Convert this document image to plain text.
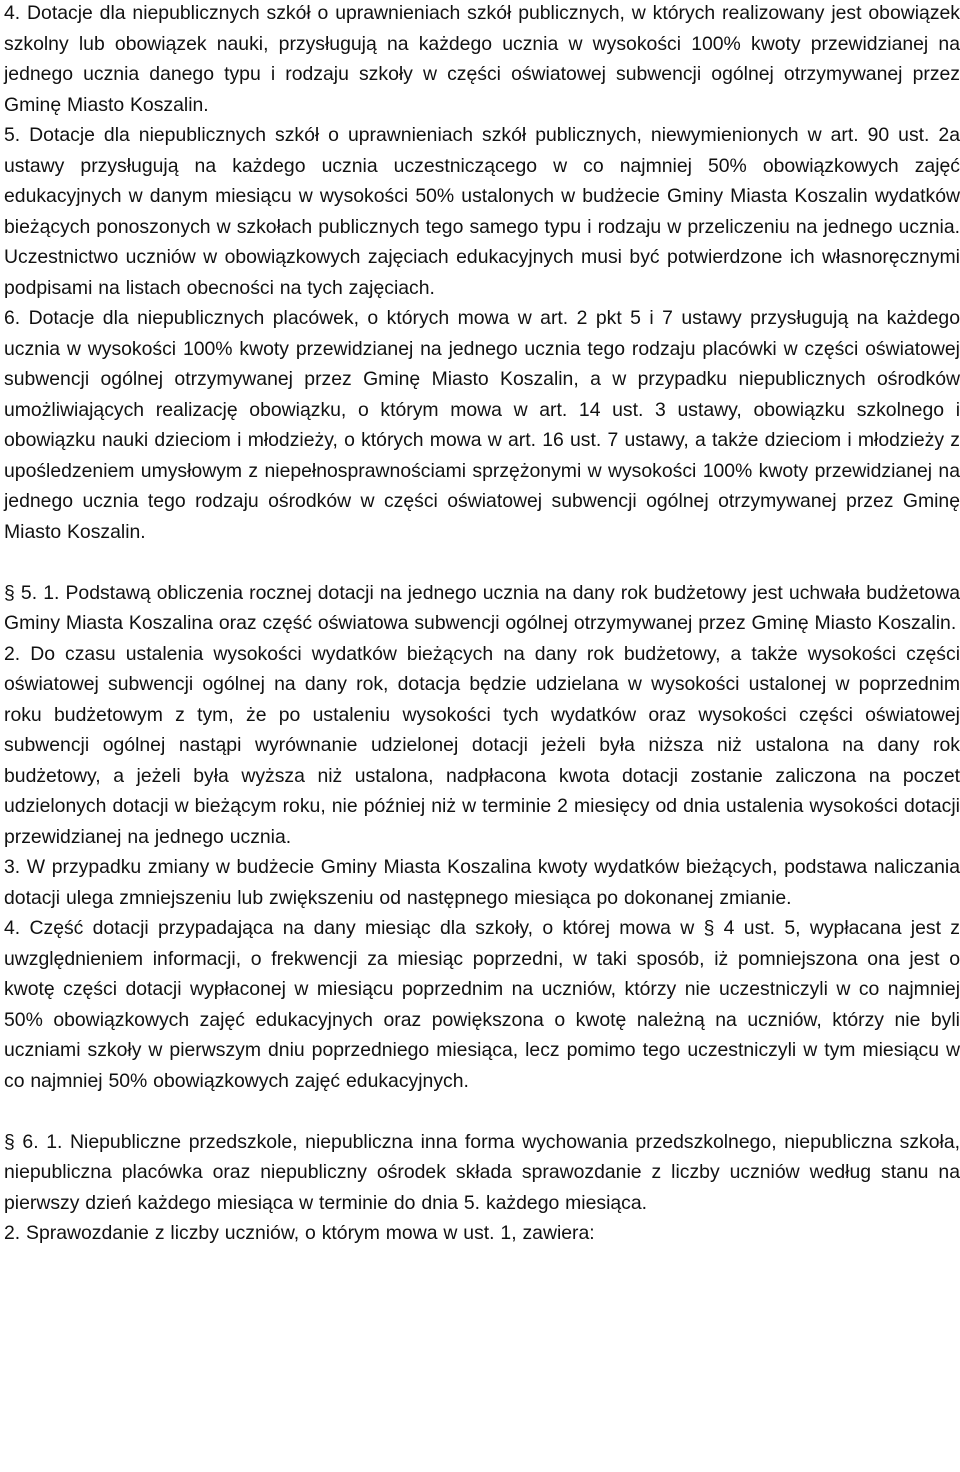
4. Dotacje dla niepublicznych szkół o uprawnieniach szkół publicznych, w których realizowany jest obowiązek szkolny lub obowiązek nauki, przysługują na każdego ucznia w wysokości 100% kwoty przewidzianej na jednego ucznia danego typu i rodzaju szkoły w części oświatowej subwencji ogólnej otrzymywanej przez Gminę Miasto Koszalin.

5. Dotacje dla niepublicznych szkół o uprawnieniach szkół publicznych, niewymienionych w art. 90 ust. 2a ustawy przysługują na każdego ucznia uczestniczącego w co najmniej 50% obowiązkowych zajęć edukacyjnych w danym miesiącu w wysokości 50% ustalonych w budżecie Gminy Miasta Koszalin wydatków bieżących ponoszonych w szkołach publicznych tego samego typu i rodzaju w przeliczeniu na jednego ucznia. Uczestnictwo uczniów w obowiązkowych zajęciach edukacyjnych musi być potwierdzone ich własnoręcznymi podpisami na listach obecności na tych zajęciach.

6. Dotacje dla niepublicznych placówek, o których mowa w art. 2 pkt 5 i 7 ustawy przysługują na każdego ucznia w wysokości 100% kwoty przewidzianej na jednego ucznia tego rodzaju placówki w części oświatowej subwencji ogólnej otrzymywanej przez Gminę Miasto Koszalin, a w przypadku niepublicznych ośrodków umożliwiających realizację obowiązku, o którym mowa w art. 14 ust. 3 ustawy, obowiązku szkolnego i obowiązku nauki dzieciom i młodzieży, o których mowa w art. 16 ust. 7 ustawy, a także dzieciom i młodzieży z upośledzeniem umysłowym z niepełnosprawnościami sprzężonymi w wysokości 100% kwoty przewidzianej na jednego ucznia tego rodzaju ośrodków w części oświatowej subwencji ogólnej otrzymywanej przez Gminę Miasto Koszalin.

§ 5. 1. Podstawą obliczenia rocznej dotacji na jednego ucznia na dany rok budżetowy jest uchwała budżetowa Gminy Miasta Koszalina oraz część oświatowa subwencji ogólnej otrzymywanej przez Gminę Miasto Koszalin.

2. Do czasu ustalenia wysokości wydatków bieżących na dany rok budżetowy, a także wysokości części oświatowej subwencji ogólnej na dany rok, dotacja będzie udzielana w wysokości ustalonej w poprzednim roku budżetowym z tym, że po ustaleniu wysokości tych wydatków oraz wysokości części oświatowej subwencji ogólnej nastąpi wyrównanie udzielonej dotacji jeżeli była niższa niż ustalona na dany rok budżetowy, a jeżeli była wyższa niż ustalona, nadpłacona kwota dotacji zostanie zaliczona na poczet udzielonych dotacji w bieżącym roku, nie później niż w terminie 2 miesięcy od dnia ustalenia wysokości dotacji przewidzianej na jednego ucznia.

3. W przypadku zmiany w budżecie Gminy Miasta Koszalina kwoty wydatków bieżących, podstawa naliczania dotacji ulega zmniejszeniu lub zwiększeniu od następnego miesiąca po dokonanej zmianie.

4. Część dotacji przypadająca na dany miesiąc dla szkoły, o której mowa w § 4 ust. 5, wypłacana jest z uwzględnieniem informacji, o frekwencji za miesiąc poprzedni, w taki sposób, iż pomniejszona ona jest o kwotę części dotacji wypłaconej w miesiącu poprzednim na uczniów, którzy nie uczestniczyli w co najmniej 50% obowiązkowych zajęć edukacyjnych oraz powiększona o kwotę należną na uczniów, którzy nie byli uczniami szkoły w pierwszym dniu poprzedniego miesiąca, lecz pomimo tego uczestniczyli w tym miesiącu w co najmniej 50% obowiązkowych zajęć edukacyjnych.

§ 6. 1. Niepubliczne przedszkole, niepubliczna inna forma wychowania przedszkolnego, niepubliczna szkoła, niepubliczna placówka oraz niepubliczny ośrodek składa sprawozdanie z liczby uczniów według stanu na pierwszy dzień każdego miesiąca w terminie do dnia 5. każdego miesiąca.

2. Sprawozdanie z liczby uczniów, o którym mowa w ust. 1, zawiera:
